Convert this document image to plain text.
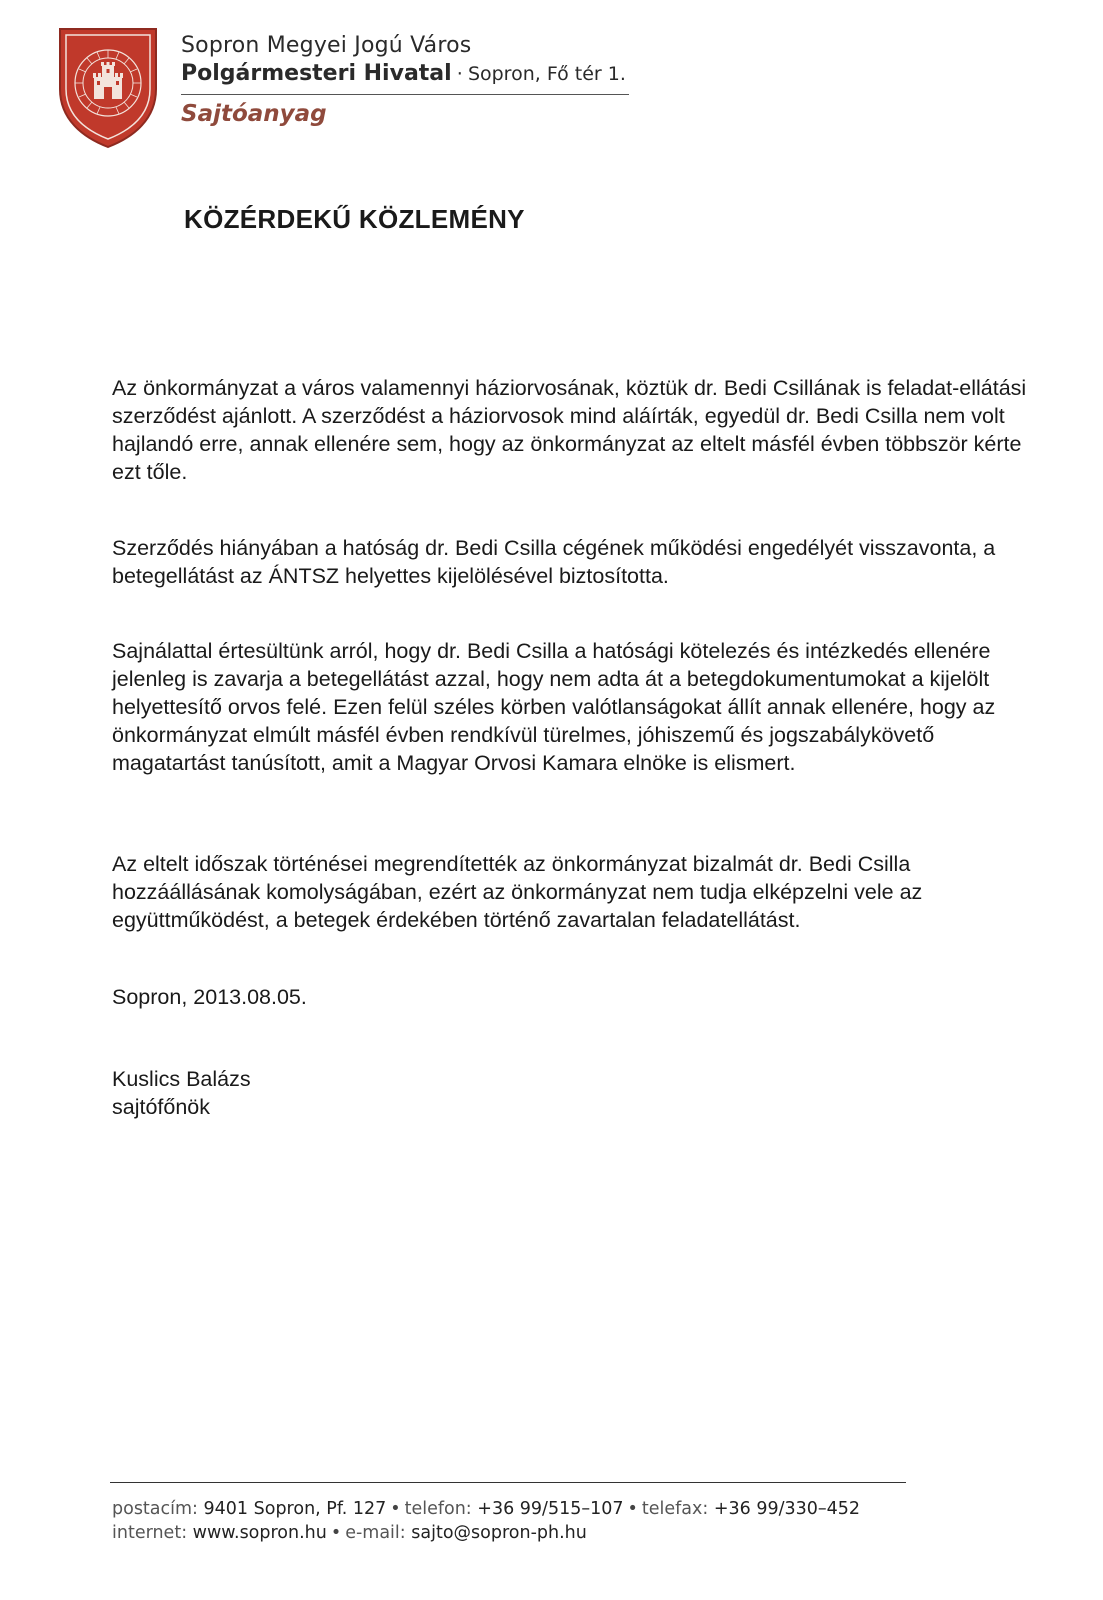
Sopron Megyei Jogú Város
Polgármesteri Hivatal · Sopron, Fő tér 1.
Sajtóanyag
KÖZÉRDEKŰ KÖZLEMÉNY

Az önkormányzat a város valamennyi háziorvosának, köztük dr. Bedi Csillának is feladat-ellátási szerződést ajánlott. A szerződést a háziorvosok mind aláírták, egyedül dr. Bedi Csilla nem volt hajlandó erre, annak ellenére sem, hogy az önkormányzat az eltelt másfél évben többször kérte ezt tőle.

Szerződés hiányában a hatóság dr. Bedi Csilla cégének működési engedélyét visszavonta, a betegellátást az ÁNTSZ helyettes kijelölésével biztosította.

Sajnálattal értesültünk arról, hogy dr. Bedi Csilla a hatósági kötelezés és intézkedés ellenére jelenleg is zavarja a betegellátást azzal, hogy nem adta át a betegdokumentumokat a kijelölt helyettesítő orvos felé. Ezen felül széles körben valótlanságokat állít annak ellenére, hogy az önkormányzat elmúlt másfél évben rendkívül türelmes, jóhiszemű és jogszabálykövető magatartást tanúsított, amit a Magyar Orvosi Kamara elnöke is elismert.

Az eltelt időszak történései megrendítették az önkormányzat bizalmát dr. Bedi Csilla hozzáállásának komolyságában, ezért az önkormányzat nem tudja elképzelni vele az együttműködést, a betegek érdekében történő zavartalan feladatellátást.

Sopron, 2013.08.05.
Kuslics Balázs
sajtófőnök
postacím: 9401 Sopron, Pf. 127 • telefon: +36 99/515–107 • telefax: +36 99/330–452
internet: www.sopron.hu • e-mail: sajto@sopron-ph.hu
